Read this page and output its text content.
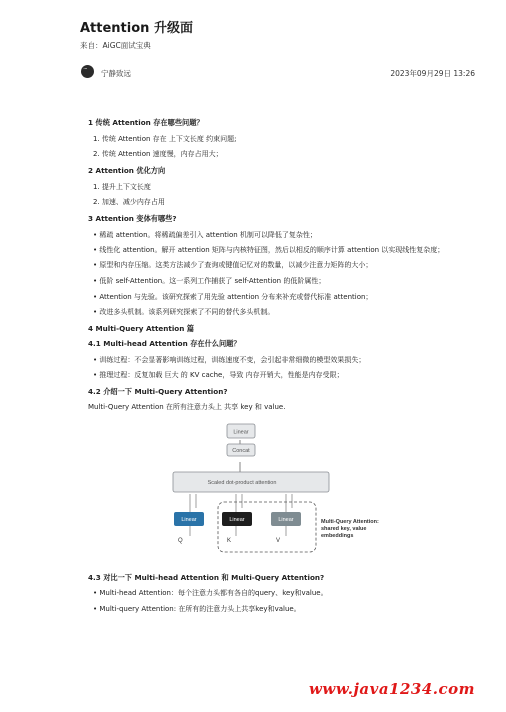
Attention 升级面
来自：AiGC面试宝典
···
宁静致远	2023年09月29日 13:26
1 传统 Attention 存在哪些问题？
1. 传统 Attention 存在 上下文长度 约束问题;
2. 传统 Attention 速度慢，内存占用大；
2 Attention 优化方向
1. 提升上下文长度
2. 加速、减少内存占用
3 Attention 变体有哪些?
• 稀疏 attention。将稀疏偏差引入 attention 机制可以降低了复杂性；
• 线性化 attention。解开 attention 矩阵与内核特征图，然后以相反的顺序计算 attention 以实现线性复杂度；
• 原型和内存压缩。这类方法减少了查询或键值记忆对的数量，以减少注意力矩阵的大小；
• 低阶 self-Attention。这一系列工作捕获了 self-Attention 的低阶属性；
• Attention 与先验。该研究探索了用先验 attention 分布来补充或替代标准 attention；
• 改进多头机制。该系列研究探索了不同的替代多头机制。
4 Multi-Query Attention 篇
4.1 Multi-head Attention 存在什么问题？
• 训练过程：不会显著影响训练过程，训练速度不变，会引起非常细微的模型效果损失；
• 推理过程：反复加载 巨大 的 KV cache，导致 内存开销大，性能是内存受限；
4.2 介绍一下 Multi-Query Attention?
Multi-Query Attention 在所有注意力头上 共享 key 和 value.
Linear
Concat
Scaled dot-product attention
Linear	Linear	Linear
Q	K	V
Multi-Query Attention:
shared key, value
embeddings
4.3 对比一下 Multi-head Attention 和 Multi-Query Attention?
• Multi-head Attention：每个注意力头都有各自的query、key和value。
• Multi-query Attention: 在所有的注意力头上共享key和value。
www.java1234.com
